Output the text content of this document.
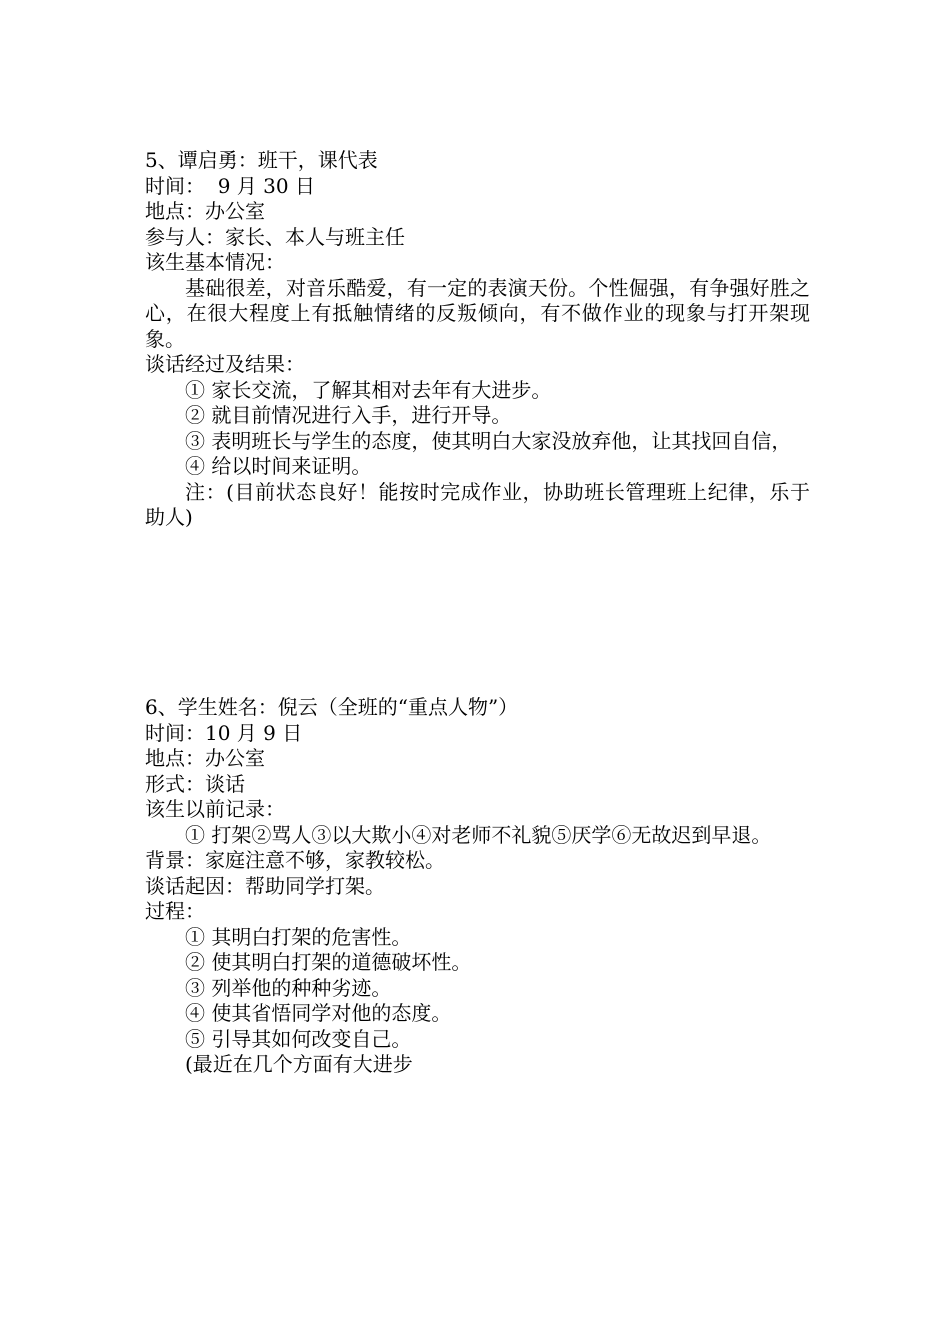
5、谭启勇：班干，课代表
时间：  9 月 30 日
地点：办公室
参与人：家长、本人与班主任
该生基本情况：
基础很差，对音乐酷爱，有一定的表演天份。个性倔强，有争强好胜之心，在很大程度上有抵触情绪的反叛倾向，有不做作业的现象与打开架现象。
谈话经过及结果：
① 家长交流，了解其相对去年有大进步。
② 就目前情况进行入手，进行开导。
③ 表明班长与学生的态度，使其明白大家没放弃他，让其找回自信，
④ 给以时间来证明。
注：(目前状态良好！能按时完成作业，协助班长管理班上纪律，乐于助人)
6、学生姓名：倪云（全班的“重点人物”）
时间：10 月 9 日
地点：办公室
形式：谈话
该生以前记录：
① 打架②骂人③以大欺小④对老师不礼貌⑤厌学⑥无故迟到早退。
背景：家庭注意不够，家教较松。
谈话起因：帮助同学打架。
过程：
① 其明白打架的危害性。
② 使其明白打架的道德破坏性。
③ 列举他的种种劣迹。
④ 使其省悟同学对他的态度。
⑤ 引导其如何改变自己。
(最近在几个方面有大进步
